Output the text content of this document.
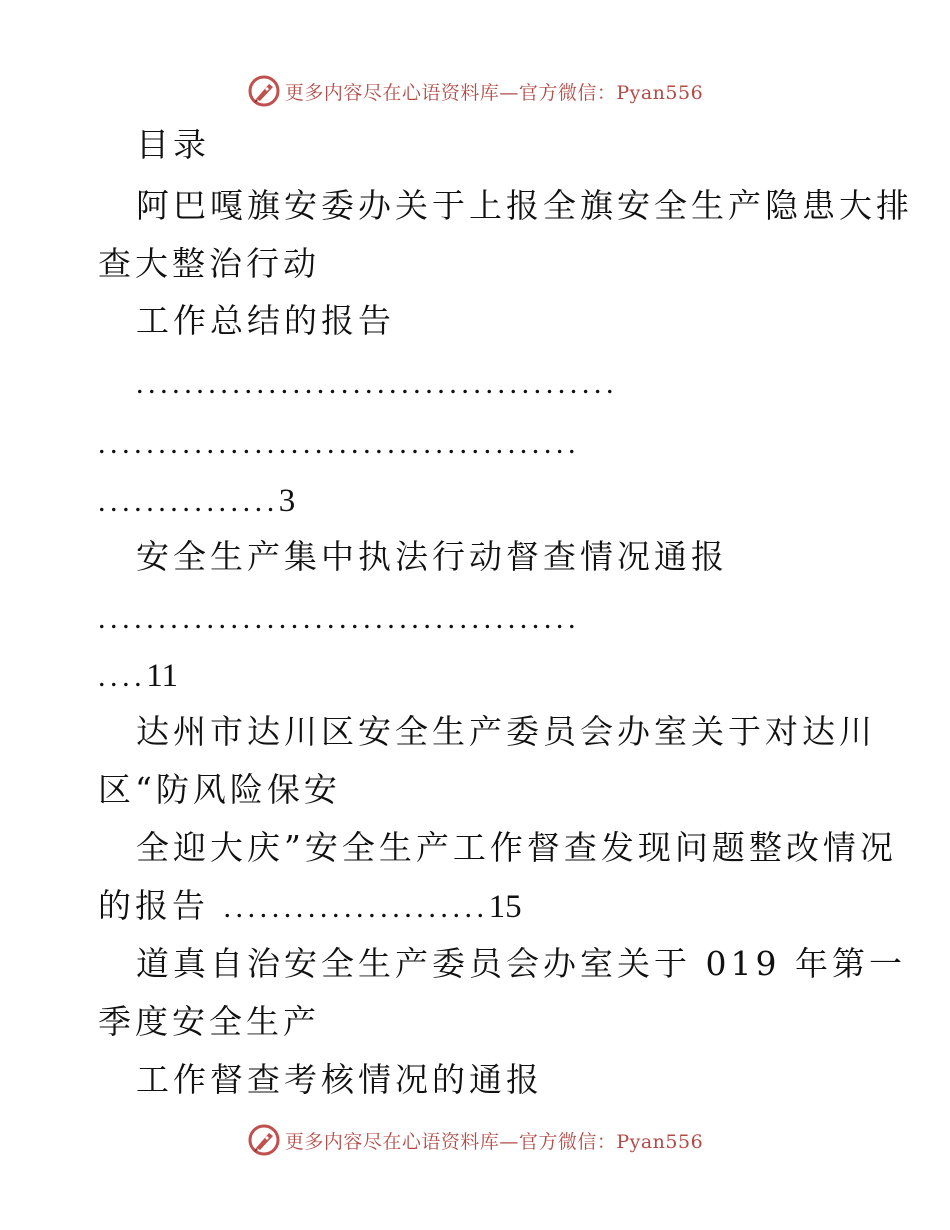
更多内容尽在心语资料库—官方微信：Pyan556
目录
阿巴嘎旗安委办关于上报全旗安全生产隐患大排
查大整治行动
工作总结的报告
........................................
........................................
...............3
安全生产集中执法行动督查情况通报
........................................
....11
达州市达川区安全生产委员会办室关于对达川
区“防风险保安
全迎大庆”安全生产工作督查发现问题整改情况
的报告 ......................15
道真自治安全生产委员会办室关于 019 年第一
季度安全生产
工作督查考核情况的通报
更多内容尽在心语资料库—官方微信：Pyan556
